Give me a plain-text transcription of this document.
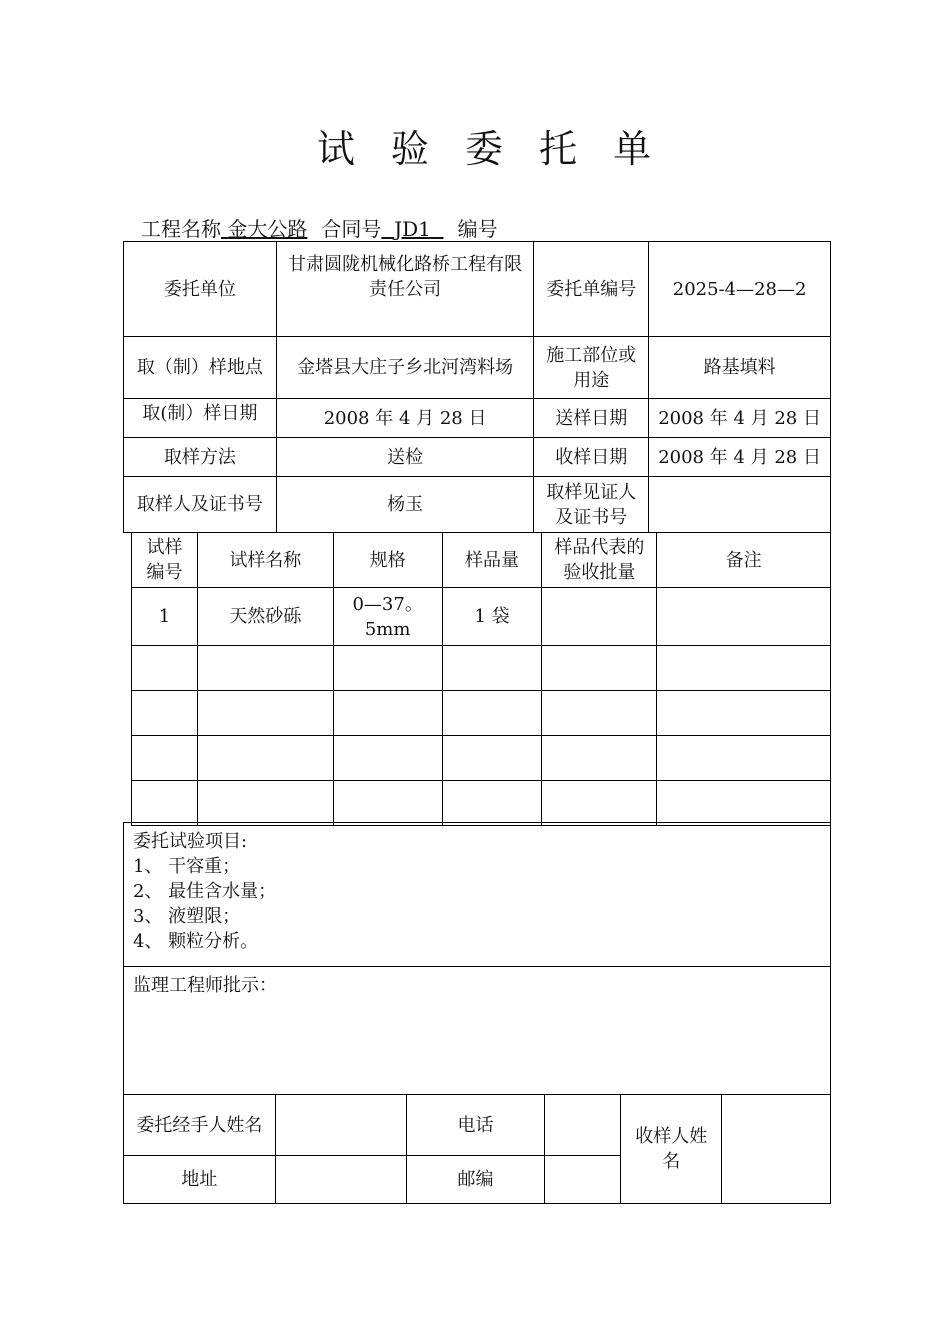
试 验 委 托 单
工程名称 金大公路 合同号 JD1 编号
委托单位	甘肃圆陇机械化路桥工程有限责任公司	委托单编号	2025-4—28—2
取（制）样地点	金塔县大庄子乡北河湾料场	施工部位或用途	路基填料
取(制）样日期	2008 年 4 月 28 日	送样日期	2008 年 4 月 28 日
取样方法	送检	收样日期	2008 年 4 月 28 日
取样人及证书号	杨玉	取样见证人及证书号	
试样编号	试样名称	规格	样品量	样品代表的验收批量	备注
1	天然砂砾	0—37。5mm	1 袋		

委托试验项目:
1、 干容重；
2、 最佳含水量；
3、 液塑限；
4、 颗粒分析。

监理工程师批示：
委托经手人姓名		电话		收样人姓名	
地址		邮编			
